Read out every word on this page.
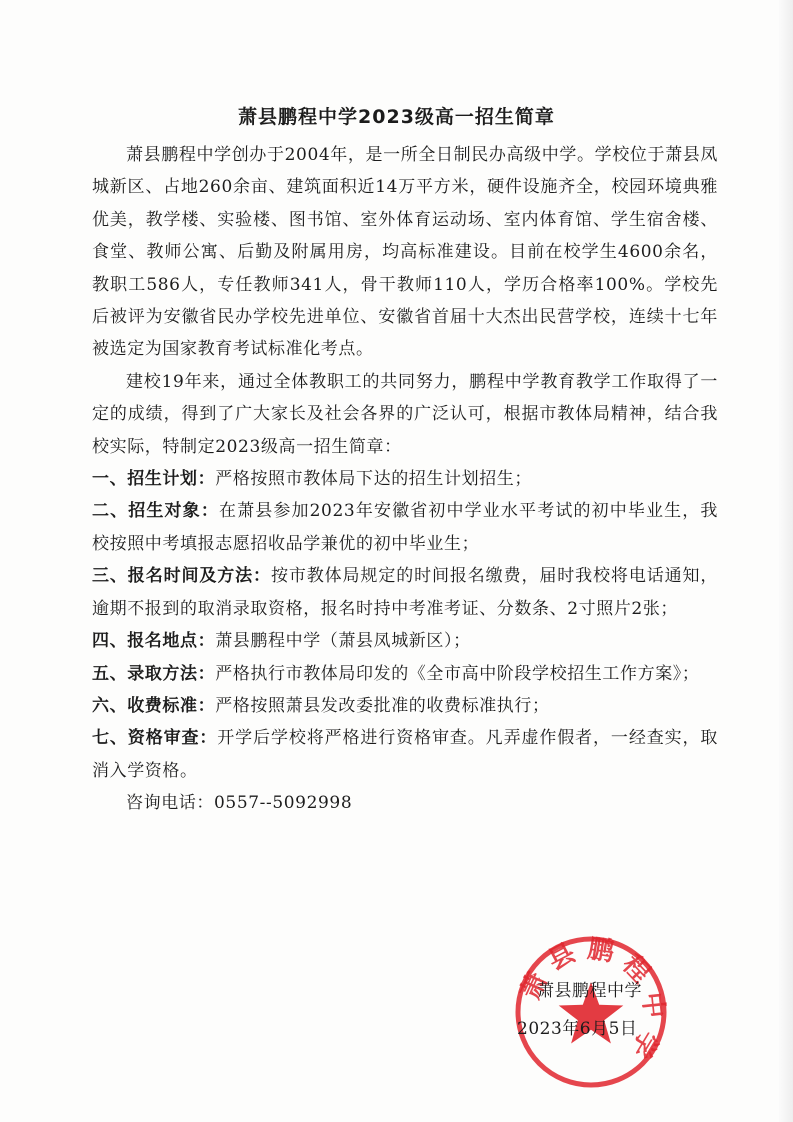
萧县鹏程中学2023级高一招生简章

萧县鹏程中学创办于2004年，是一所全日制民办高级中学。学校位于萧县凤城新区、占地260余亩、建筑面积近14万平方米，硬件设施齐全，校园环境典雅优美，教学楼、实验楼、图书馆、室外体育运动场、室内体育馆、学生宿舍楼、食堂、教师公寓、后勤及附属用房，均高标准建设。目前在校学生4600余名，教职工586人，专任教师341人，骨干教师110人，学历合格率100%。学校先后被评为安徽省民办学校先进单位、安徽省首届十大杰出民营学校，连续十七年被选定为国家教育考试标准化考点。

建校19年来，通过全体教职工的共同努力，鹏程中学教育教学工作取得了一定的成绩，得到了广大家长及社会各界的广泛认可，根据市教体局精神，结合我校实际，特制定2023级高一招生简章：

一、招生计划：严格按照市教体局下达的招生计划招生；

二、招生对象：在萧县参加2023年安徽省初中学业水平考试的初中毕业生，我校按照中考填报志愿招收品学兼优的初中毕业生；

三、报名时间及方法：按市教体局规定的时间报名缴费，届时我校将电话通知，逾期不报到的取消录取资格，报名时持中考准考证、分数条、2寸照片2张；

四、报名地点：萧县鹏程中学（萧县凤城新区）；

五、录取方法：严格执行市教体局印发的《全市高中阶段学校招生工作方案》；

六、收费标准：严格按照萧县发改委批准的收费标准执行；

七、资格审查：开学后学校将严格进行资格审查。凡弄虚作假者，一经查实，取消入学资格。

咨询电话：0557--5092998

萧 县 鹏 程 中 学
萧县鹏程中学
2023年6月5日
